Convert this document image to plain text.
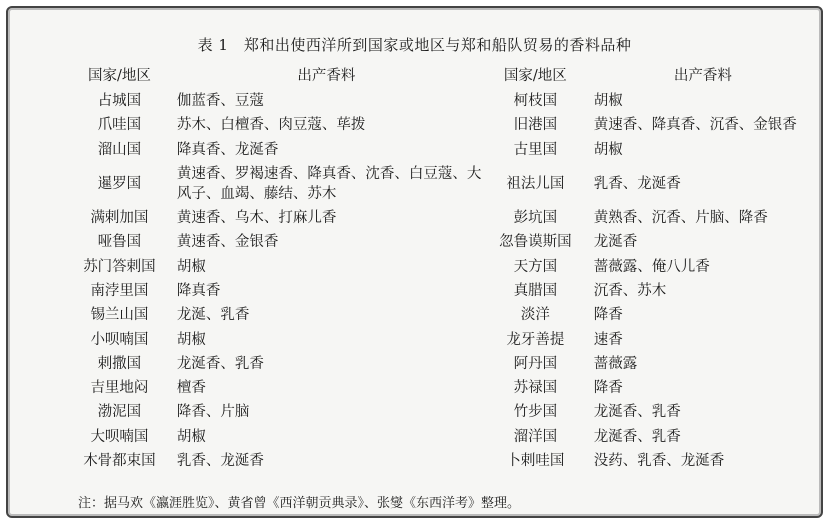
表 1　郑和出使西洋所到国家或地区与郑和船队贸易的香料品种
国家/地区	出产香料	国家/地区	出产香料
占城国	伽蓝香、豆蔻	柯枝国	胡椒
爪哇国	苏木、白檀香、肉豆蔻、荜拨	旧港国	黄速香、降真香、沉香、金银香
溜山国	降真香、龙涎香	古里国	胡椒
暹罗国	黄速香、罗褐速香、降真香、沈香、白豆蔻、大风子、血竭、藤结、苏木	祖法儿国	乳香、龙涎香
满剌加国	黄速香、乌木、打麻儿香	彭坑国	黄熟香、沉香、片脑、降香
哑鲁国	黄速香、金银香	忽鲁谟斯国	龙涎香
苏门答剌国	胡椒	天方国	蔷薇露、俺八儿香
南浡里国	降真香	真腊国	沉香、苏木
锡兰山国	龙涎、乳香	淡洋	降香
小呗喃国	胡椒	龙牙善提	速香
剌撒国	龙涎香、乳香	阿丹国	蔷薇露
吉里地闷	檀香	苏禄国	降香
渤泥国	降香、片脑	竹步国	龙涎香、乳香
大呗喃国	胡椒	溜洋国	龙涎香、乳香
木骨都束国	乳香、龙涎香	卜剌哇国	没药、乳香、龙涎香
注：据马欢《瀛涯胜览》、黄省曾《西洋朝贡典录》、张燮《东西洋考》整理。
